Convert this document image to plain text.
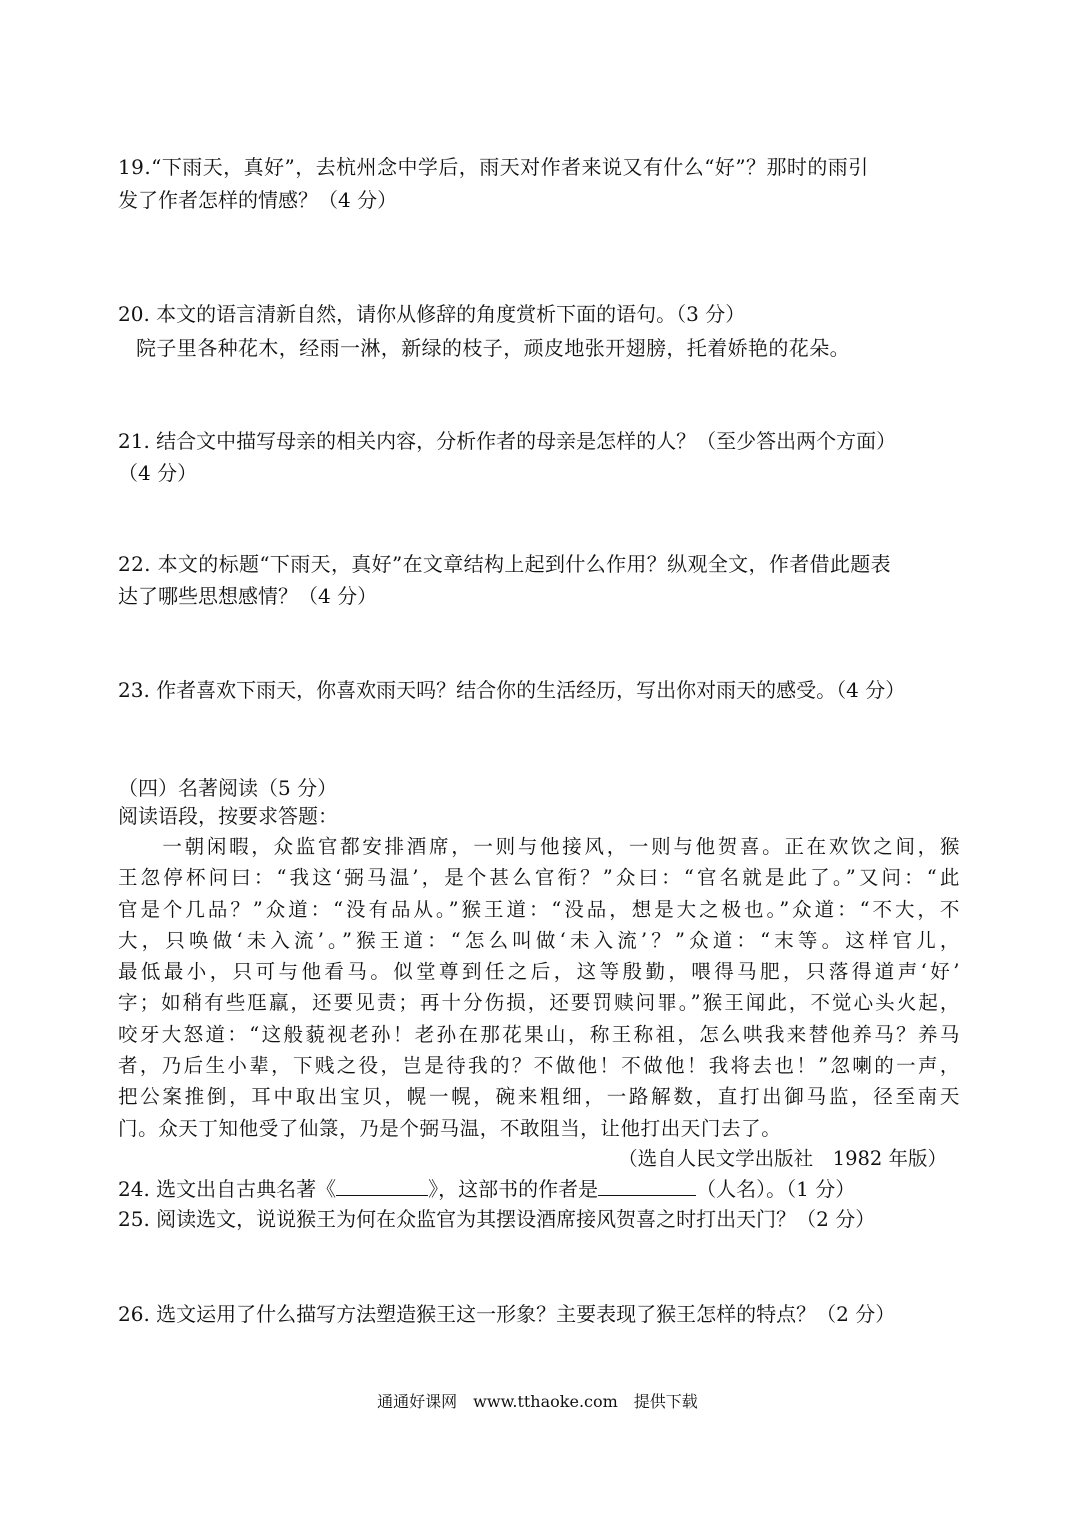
19.“下雨天，真好”，去杭州念中学后，雨天对作者来说又有什么“好”？那时的雨引
发了作者怎样的情感？（4 分）
20. 本文的语言清新自然，请你从修辞的角度赏析下面的语句。（3 分）
院子里各种花木，经雨一淋，新绿的枝子，顽皮地张开翅膀，托着娇艳的花朵。
21. 结合文中描写母亲的相关内容，分析作者的母亲是怎样的人？（至少答出两个方面）
（4 分）
22. 本文的标题“下雨天，真好”在文章结构上起到什么作用？纵观全文，作者借此题表
达了哪些思想感情？（4 分）
23. 作者喜欢下雨天，你喜欢雨天吗？结合你的生活经历，写出你对雨天的感受。（4 分）
（四）名著阅读（5 分）
阅读语段，按要求答题：
　　一朝闲暇，众监官都安排酒席，一则与他接风，一则与他贺喜。正在欢饮之间，猴
王忽停杯问曰：“我这‘弼马温’，是个甚么官衔？”众曰：“官名就是此了。”又问：“此
官是个几品？”众道：“没有品从。”猴王道：“没品，想是大之极也。”众道：“不大，不
大，只唤做‘未入流’。”猴王道：“怎么叫做‘未入流’？”众道：“末等。这样官儿，
最低最小，只可与他看马。似堂尊到任之后，这等殷勤，喂得马肥，只落得道声‘好’
字；如稍有些尫羸，还要见责；再十分伤损，还要罚赎问罪。”猴王闻此，不觉心头火起，
咬牙大怒道：“这般藐视老孙！老孙在那花果山，称王称祖，怎么哄我来替他养马？养马
者，乃后生小辈，下贱之役，岂是待我的？不做他！不做他！我将去也！”忽喇的一声，
把公案推倒，耳中取出宝贝，幌一幌，碗来粗细，一路解数，直打出御马监，径至南天
门。众天丁知他受了仙箓，乃是个弼马温，不敢阻当，让他打出天门去了。
（选自人民文学出版社　1982 年版）
24. 选文出自古典名著《	》，这部书的作者是	（人名）。（1 分）
25. 阅读选文，说说猴王为何在众监官为其摆设酒席接风贺喜之时打出天门？（2 分）
26. 选文运用了什么描写方法塑造猴王这一形象？主要表现了猴王怎样的特点？（2 分）
通通好课网　www.tthaoke.com　提供下载
